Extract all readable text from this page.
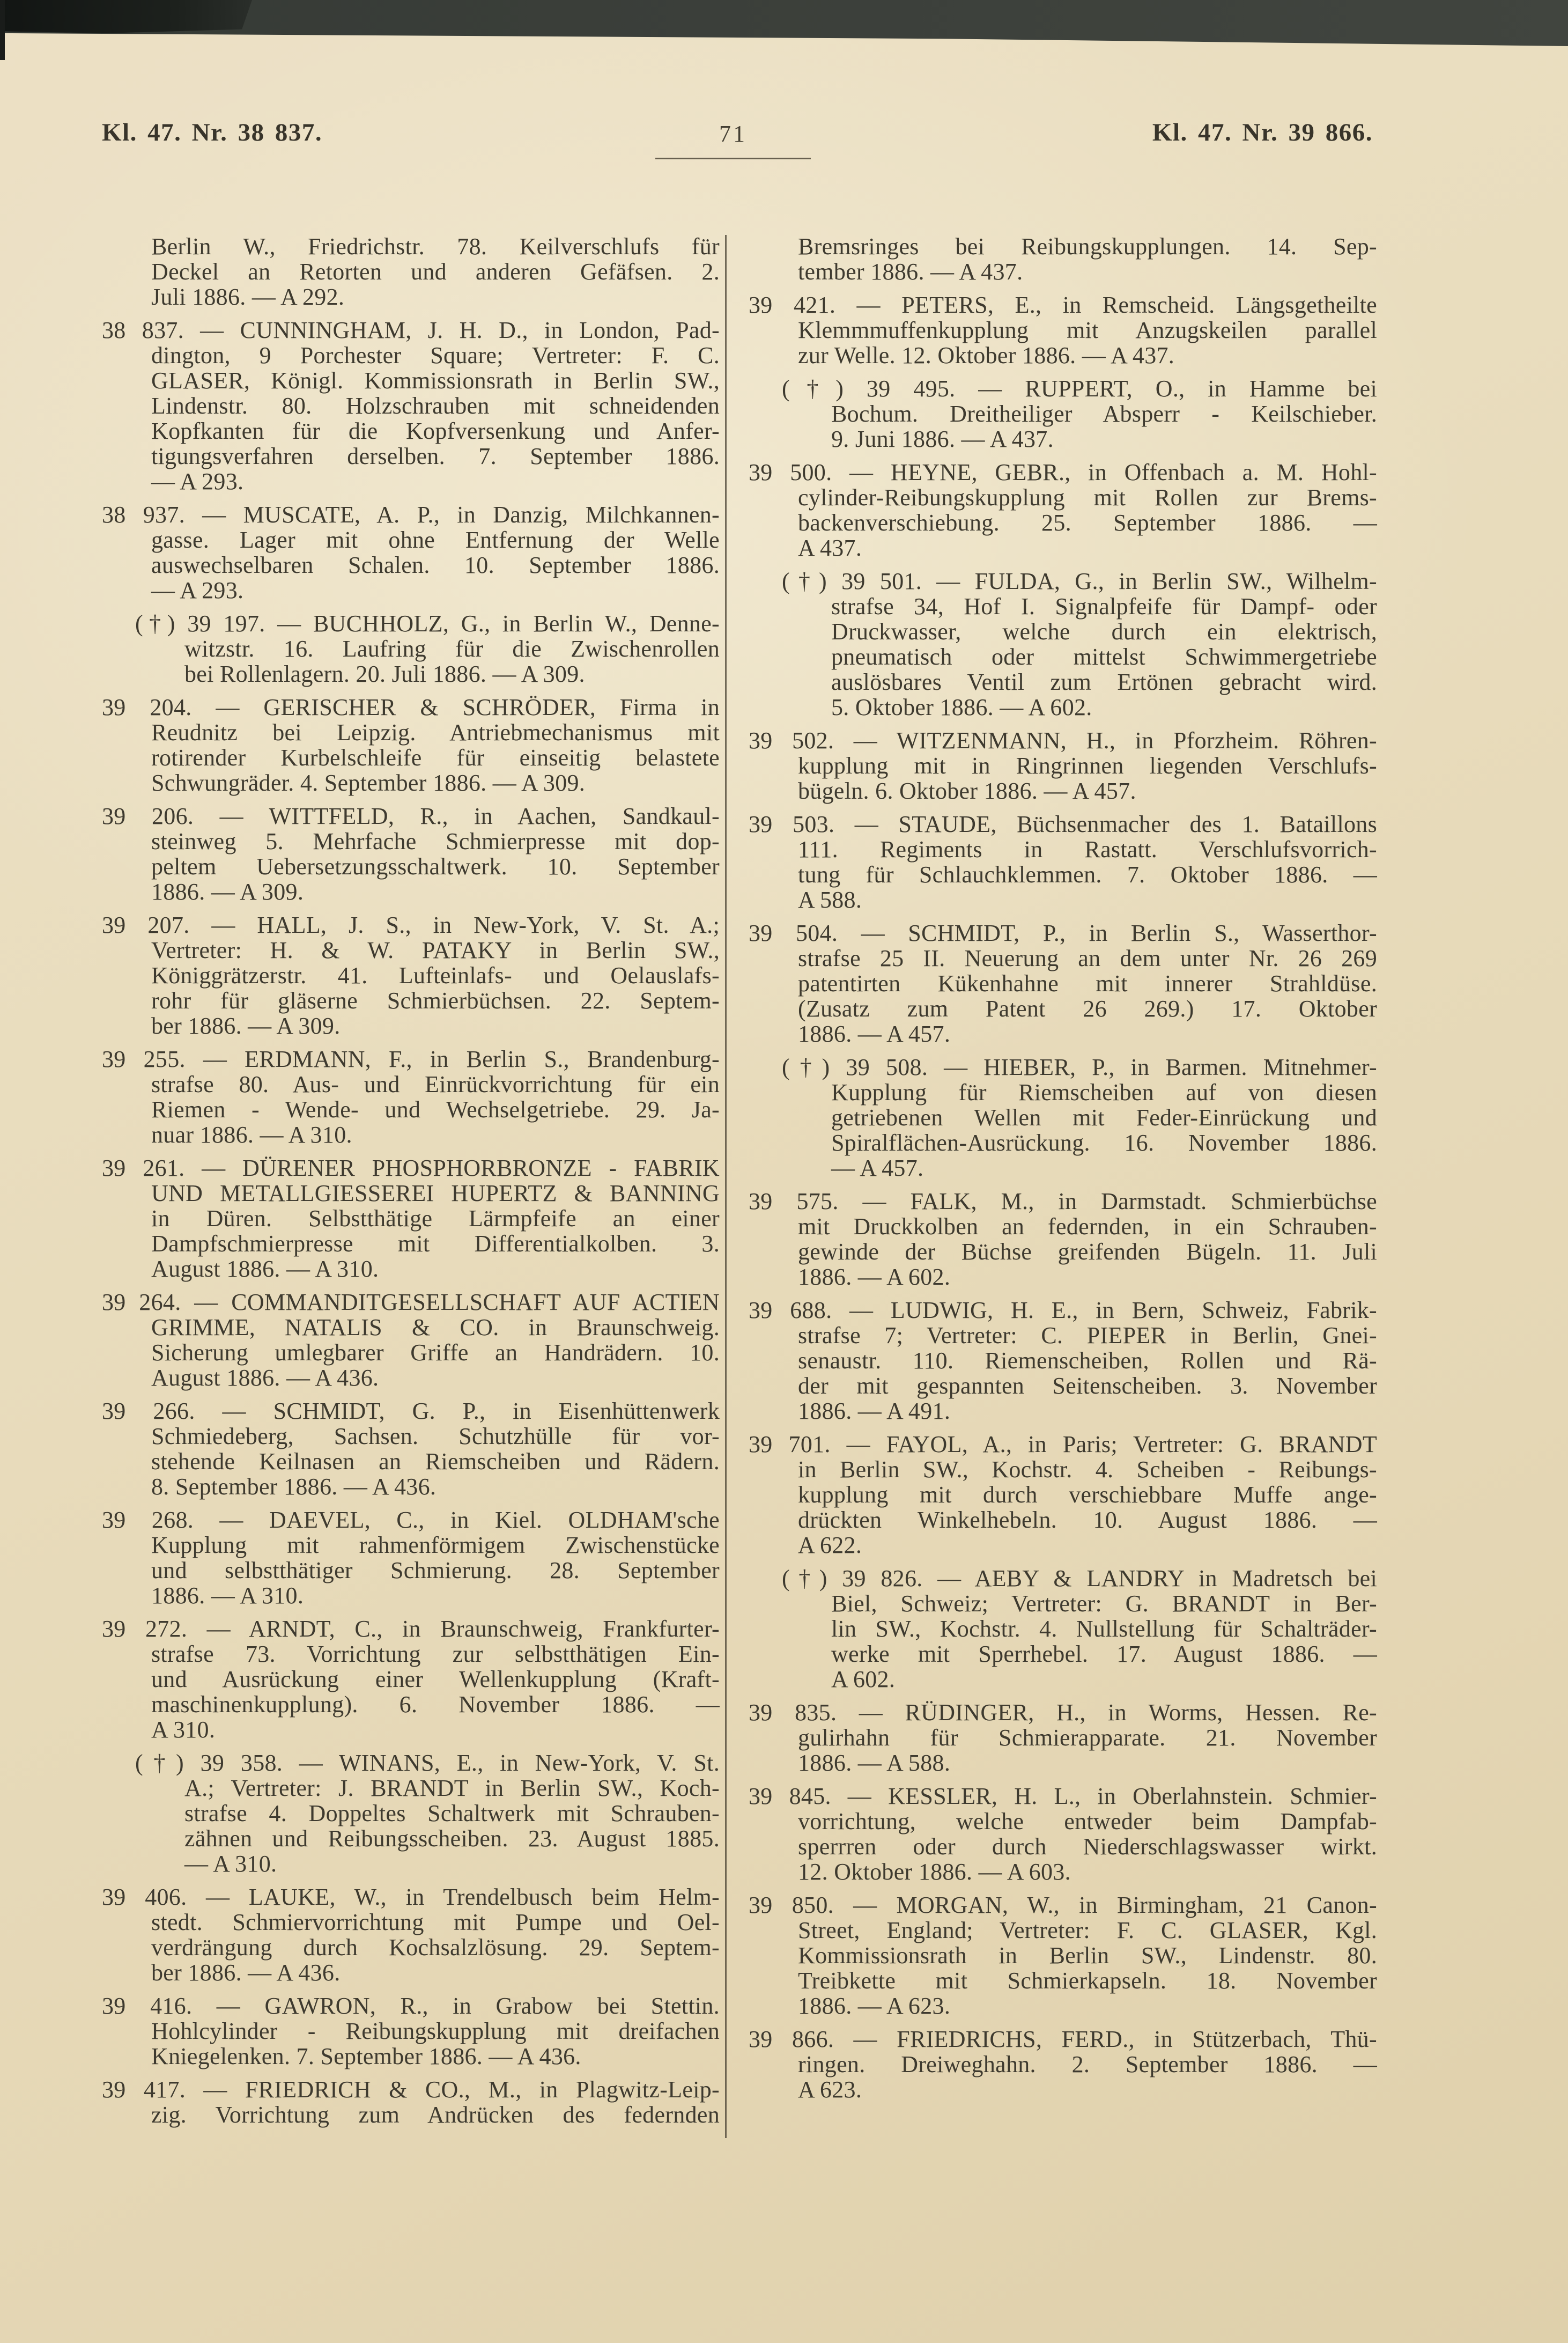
Kl. 47. Nr. 38 837.	71	Kl. 47. Nr. 39 866.
Berlin W., Friedrichstr. 78. Keilverschlufs für
Deckel an Retorten und anderen Gefäfsen. 2.
Juli 1886. — A 292.
38 837. — CUNNINGHAM, J. H. D., in London, Pad-
dington, 9 Porchester Square; Vertreter: F. C.
GLASER, Königl. Kommissionsrath in Berlin SW.,
Lindenstr. 80. Holzschrauben mit schneidenden
Kopfkanten für die Kopfversenkung und Anfer-
tigungsverfahren derselben. 7. September 1886.
— A 293.
38 937. — MUSCATE, A. P., in Danzig, Milchkannen-
gasse. Lager mit ohne Entfernung der Welle
auswechselbaren Schalen. 10. September 1886.
— A 293.
(†) 39 197. — BUCHHOLZ, G., in Berlin W., Denne-
witzstr. 16. Laufring für die Zwischenrollen
bei Rollenlagern. 20. Juli 1886. — A 309.
39 204. — GERISCHER & SCHRÖDER, Firma in
Reudnitz bei Leipzig. Antriebmechanismus mit
rotirender Kurbelschleife für einseitig belastete
Schwungräder. 4. September 1886. — A 309.
39 206. — WITTFELD, R., in Aachen, Sandkaul-
steinweg 5. Mehrfache Schmierpresse mit dop-
peltem Uebersetzungsschaltwerk. 10. September
1886. — A 309.
39 207. — HALL, J. S., in New-York, V. St. A.;
Vertreter: H. & W. PATAKY in Berlin SW.,
Königgrätzerstr. 41. Lufteinlafs- und Oelauslafs-
rohr für gläserne Schmierbüchsen. 22. Septem-
ber 1886. — A 309.
39 255. — ERDMANN, F., in Berlin S., Brandenburg-
strafse 80. Aus- und Einrückvorrichtung für ein
Riemen - Wende- und Wechselgetriebe. 29. Ja-
nuar 1886. — A 310.
39 261. — DÜRENER PHOSPHORBRONZE - FABRIK
UND METALLGIESSEREI HUPERTZ & BANNING
in Düren. Selbstthätige Lärmpfeife an einer
Dampfschmierpresse mit Differentialkolben. 3.
August 1886. — A 310.
39 264. — COMMANDITGESELLSCHAFT AUF ACTIEN
GRIMME, NATALIS & CO. in Braunschweig.
Sicherung umlegbarer Griffe an Handrädern. 10.
August 1886. — A 436.
39 266. — SCHMIDT, G. P., in Eisenhüttenwerk
Schmiedeberg, Sachsen. Schutzhülle für vor-
stehende Keilnasen an Riemscheiben und Rädern.
8. September 1886. — A 436.
39 268. — DAEVEL, C., in Kiel. OLDHAM'sche
Kupplung mit rahmenförmigem Zwischenstücke
und selbstthätiger Schmierung. 28. September
1886. — A 310.
39 272. — ARNDT, C., in Braunschweig, Frankfurter-
strafse 73. Vorrichtung zur selbstthätigen Ein-
und Ausrückung einer Wellenkupplung (Kraft-
maschinenkupplung). 6. November 1886. —
A 310.
(†) 39 358. — WINANS, E., in New-York, V. St.
A.; Vertreter: J. BRANDT in Berlin SW., Koch-
strafse 4. Doppeltes Schaltwerk mit Schrauben-
zähnen und Reibungsscheiben. 23. August 1885.
— A 310.
39 406. — LAUKE, W., in Trendelbusch beim Helm-
stedt. Schmiervorrichtung mit Pumpe und Oel-
verdrängung durch Kochsalzlösung. 29. Septem-
ber 1886. — A 436.
39 416. — GAWRON, R., in Grabow bei Stettin.
Hohlcylinder - Reibungskupplung mit dreifachen
Kniegelenken. 7. September 1886. — A 436.
39 417. — FRIEDRICH & CO., M., in Plagwitz-Leip-
zig. Vorrichtung zum Andrücken des federnden
Bremsringes bei Reibungskupplungen. 14. Sep-
tember 1886. — A 437.
39 421. — PETERS, E., in Remscheid. Längsgetheilte
Klemmmuffenkupplung mit Anzugskeilen parallel
zur Welle. 12. Oktober 1886. — A 437.
(†) 39 495. — RUPPERT, O., in Hamme bei
Bochum. Dreitheiliger Absperr - Keilschieber.
9. Juni 1886. — A 437.
39 500. — HEYNE, GEBR., in Offenbach a. M. Hohl-
cylinder-Reibungskupplung mit Rollen zur Brems-
backenverschiebung. 25. September 1886. —
A 437.
(†) 39 501. — FULDA, G., in Berlin SW., Wilhelm-
strafse 34, Hof I. Signalpfeife für Dampf- oder
Druckwasser, welche durch ein elektrisch,
pneumatisch oder mittelst Schwimmergetriebe
auslösbares Ventil zum Ertönen gebracht wird.
5. Oktober 1886. — A 602.
39 502. — WITZENMANN, H., in Pforzheim. Röhren-
kupplung mit in Ringrinnen liegenden Verschlufs-
bügeln. 6. Oktober 1886. — A 457.
39 503. — STAUDE, Büchsenmacher des 1. Bataillons
111. Regiments in Rastatt. Verschlufsvorrich-
tung für Schlauchklemmen. 7. Oktober 1886. —
A 588.
39 504. — SCHMIDT, P., in Berlin S., Wasserthor-
strafse 25 II. Neuerung an dem unter Nr. 26 269
patentirten Kükenhahne mit innerer Strahldüse.
(Zusatz zum Patent 26 269.) 17. Oktober
1886. — A 457.
(†) 39 508. — HIEBER, P., in Barmen. Mitnehmer-
Kupplung für Riemscheiben auf von diesen
getriebenen Wellen mit Feder-Einrückung und
Spiralflächen-Ausrückung. 16. November 1886.
— A 457.
39 575. — FALK, M., in Darmstadt. Schmierbüchse
mit Druckkolben an federnden, in ein Schrauben-
gewinde der Büchse greifenden Bügeln. 11. Juli
1886. — A 602.
39 688. — LUDWIG, H. E., in Bern, Schweiz, Fabrik-
strafse 7; Vertreter: C. PIEPER in Berlin, Gnei-
senaustr. 110. Riemenscheiben, Rollen und Rä-
der mit gespannten Seitenscheiben. 3. November
1886. — A 491.
39 701. — FAYOL, A., in Paris; Vertreter: G. BRANDT
in Berlin SW., Kochstr. 4. Scheiben - Reibungs-
kupplung mit durch verschiebbare Muffe ange-
drückten Winkelhebeln. 10. August 1886. —
A 622.
(†) 39 826. — AEBY & LANDRY in Madretsch bei
Biel, Schweiz; Vertreter: G. BRANDT in Ber-
lin SW., Kochstr. 4. Nullstellung für Schalträder-
werke mit Sperrhebel. 17. August 1886. —
A 602.
39 835. — RÜDINGER, H., in Worms, Hessen. Re-
gulirhahn für Schmierapparate. 21. November
1886. — A 588.
39 845. — KESSLER, H. L., in Oberlahnstein. Schmier-
vorrichtung, welche entweder beim Dampfab-
sperrren oder durch Niederschlagswasser wirkt.
12. Oktober 1886. — A 603.
39 850. — MORGAN, W., in Birmingham, 21 Canon-
Street, England; Vertreter: F. C. GLASER, Kgl.
Kommissionsrath in Berlin SW., Lindenstr. 80.
Treibkette mit Schmierkapseln. 18. November
1886. — A 623.
39 866. — FRIEDRICHS, FERD., in Stützerbach, Thü-
ringen. Dreiweghahn. 2. September 1886. —
A 623.
